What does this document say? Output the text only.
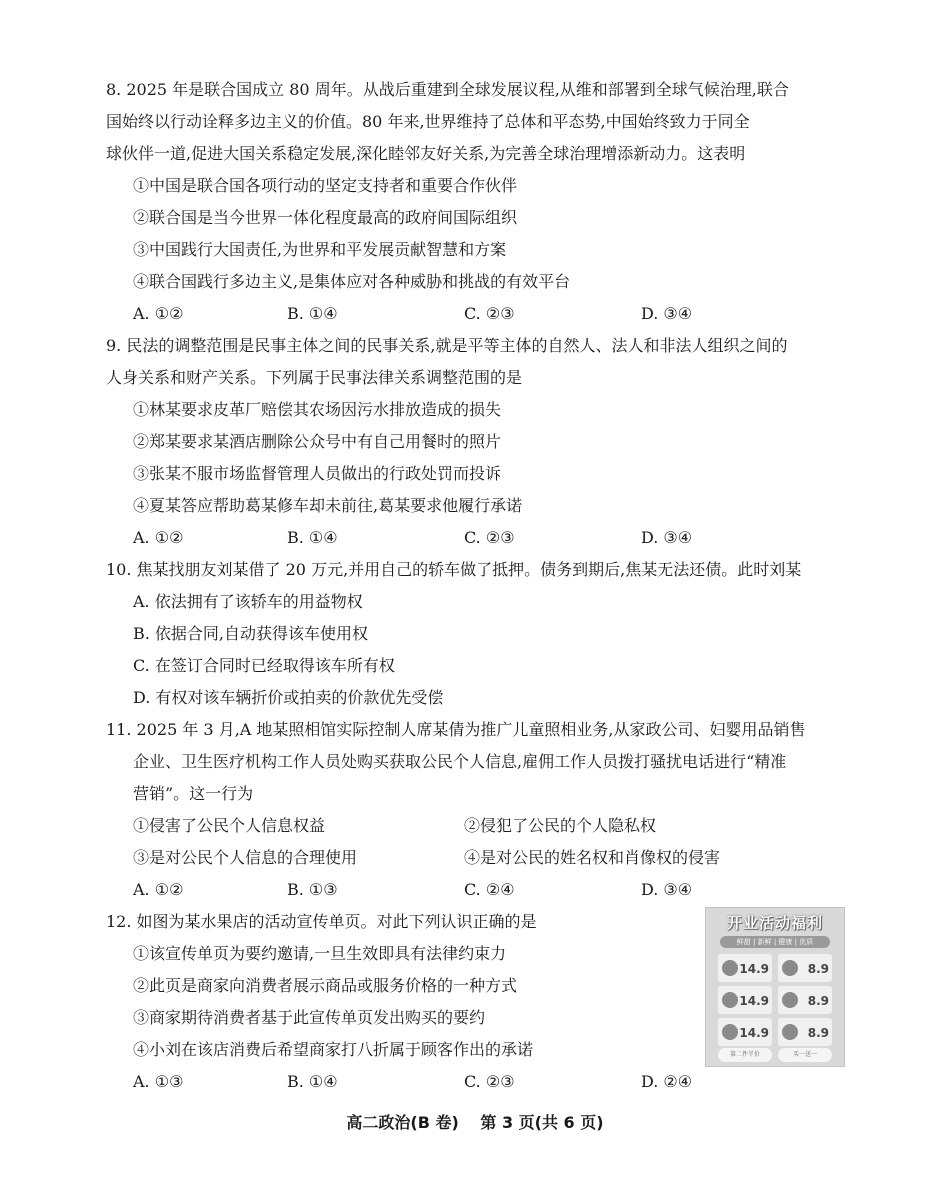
8. 2025 年是联合国成立 80 周年。从战后重建到全球发展议程,从维和部署到全球气候治理,联合
国始终以行动诠释多边主义的价值。80 年来,世界维持了总体和平态势,中国始终致力于同全
球伙伴一道,促进大国关系稳定发展,深化睦邻友好关系,为完善全球治理增添新动力。这表明
①中国是联合国各项行动的坚定支持者和重要合作伙伴
②联合国是当今世界一体化程度最高的政府间国际组织
③中国践行大国责任,为世界和平发展贡献智慧和方案
④联合国践行多边主义,是集体应对各种威胁和挑战的有效平台
A. ①②	B. ①④	C. ②③	D. ③④
9. 民法的调整范围是民事主体之间的民事关系,就是平等主体的自然人、法人和非法人组织之间的
人身关系和财产关系。下列属于民事法律关系调整范围的是
①林某要求皮革厂赔偿其农场因污水排放造成的损失
②郑某要求某酒店删除公众号中有自己用餐时的照片
③张某不服市场监督管理人员做出的行政处罚而投诉
④夏某答应帮助葛某修车却未前往,葛某要求他履行承诺
A. ①②	B. ①④	C. ②③	D. ③④
10. 焦某找朋友刘某借了 20 万元,并用自己的轿车做了抵押。债务到期后,焦某无法还债。此时刘某
A. 依法拥有了该轿车的用益物权
B. 依据合同,自动获得该车使用权
C. 在签订合同时已经取得该车所有权
D. 有权对该车辆折价或拍卖的价款优先受偿
11. 2025 年 3 月,A 地某照相馆实际控制人席某倩为推广儿童照相业务,从家政公司、妇婴用品销售
企业、卫生医疗机构工作人员处购买获取公民个人信息,雇佣工作人员拨打骚扰电话进行“精准
营销”。这一行为
①侵害了公民个人信息权益	②侵犯了公民的个人隐私权
③是对公民个人信息的合理使用	④是对公民的姓名权和肖像权的侵害
A. ①②	B. ①③	C. ②④	D. ③④
12. 如图为某水果店的活动宣传单页。对此下列认识正确的是
①该宣传单页为要约邀请,一旦生效即具有法律约束力
②此页是商家向消费者展示商品或服务价格的一种方式
③商家期待消费者基于此宣传单页发出购买的要约
④小刘在该店消费后希望商家打八折属于顾客作出的承诺
A. ①③	B. ①④	C. ②③	D. ②④
开业活动福利
鲜甜 | 新鲜 | 健康 | 优质
14.9	8.9
14.9	8.9
14.9	8.9
第二件半价	买一送一
高二政治(B 卷) 第 3 页(共 6 页)
